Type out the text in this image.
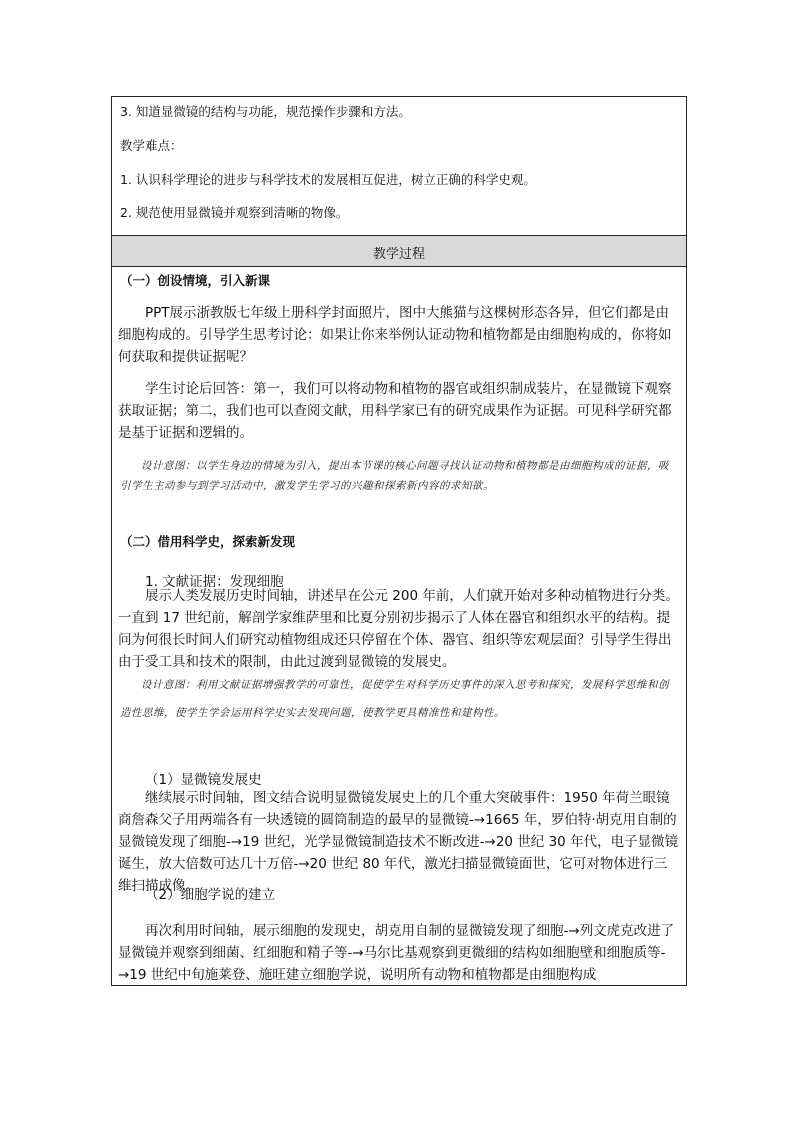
3. 知道显微镜的结构与功能，规范操作步骤和方法。

教学难点：

1. 认识科学理论的进步与科学技术的发展相互促进，树立正确的科学史观。

2. 规范使用显微镜并观察到清晰的物像。

教学过程

（一）创设情境，引入新课

PPT展示浙教版七年级上册科学封面照片，图中大熊猫与这棵树形态各异，但它们都是由细胞构成的。引导学生思考讨论：如果让你来举例认证动物和植物都是由细胞构成的，你将如何获取和提供证据呢？

学生讨论后回答：第一，我们可以将动物和植物的器官或组织制成装片，在显微镜下观察获取证据；第二，我们也可以查阅文献，用科学家已有的研究成果作为证据。可见科学研究都是基于证据和逻辑的。

设计意图：以学生身边的情境为引入，提出本节课的核心问题寻找认证动物和植物都是由细胞构成的证据，吸引学生主动参与到学习活动中，激发学生学习的兴趣和探索新内容的求知欲。

（二）借用科学史，探索新发现

1. 文献证据：发现细胞

展示人类发展历史时间轴，讲述早在公元 200 年前，人们就开始对多种动植物进行分类。一直到 17 世纪前，解剖学家维萨里和比夏分别初步揭示了人体在器官和组织水平的结构。提问为何很长时间人们研究动植物组成还只停留在个体、器官、组织等宏观层面？引导学生得出由于受工具和技术的限制，由此过渡到显微镜的发展史。

设计意图：利用文献证据增强教学的可靠性，促使学生对科学历史事件的深入思考和探究，发展科学思维和创造性思维，使学生学会运用科学史实去发现问题，使教学更具精准性和建构性。

（1）显微镜发展史

继续展示时间轴，图文结合说明显微镜发展史上的几个重大突破事件：1950 年荷兰眼镜商詹森父子用两端各有一块透镜的圆筒制造的最早的显微镜-→1665 年，罗伯特·胡克用自制的显微镜发现了细胞-→19 世纪，光学显微镜制造技术不断改进-→20 世纪 30 年代，电子显微镜诞生，放大倍数可达几十万倍-→20 世纪 80 年代，激光扫描显微镜面世，它可对物体进行三维扫描成像。

（2）细胞学说的建立

再次利用时间轴，展示细胞的发现史，胡克用自制的显微镜发现了细胞-→列文虎克改进了显微镜并观察到细菌、红细胞和精子等-→马尔比基观察到更微细的结构如细胞壁和细胞质等-→19 世纪中旬施莱登、施旺建立细胞学说，说明所有动物和植物都是由细胞构成
